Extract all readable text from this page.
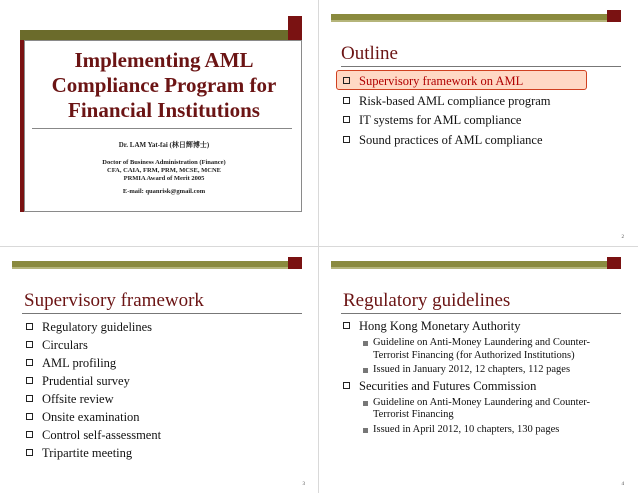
Implementing AML
Compliance Program for
Financial Institutions
Dr. LAM Yat-fai (林日辉博士)
Doctor of Business Administration (Finance)
CFA, CAIA, FRM, PRM, MCSE, MCNE
PRMIA Award of Merit 2005
E-mail: quanrisk@gmail.com
Outline
Supervisory framework on AML
Risk-based AML compliance program
IT systems for AML compliance
Sound practices of AML compliance
2
Supervisory framework
Regulatory guidelines
Circulars
AML profiling
Prudential survey
Offsite review
Onsite examination
Control self-assessment
Tripartite meeting
3
Regulatory guidelines
Hong Kong Monetary Authority
Guideline on Anti-Money Laundering and Counter- Terrorist Financing (for Authorized Institutions)
Issued in January 2012, 12 chapters, 112 pages
Securities and Futures Commission
Guideline on Anti-Money Laundering and Counter- Terrorist Financing
Issued in April 2012, 10 chapters, 130 pages
4
